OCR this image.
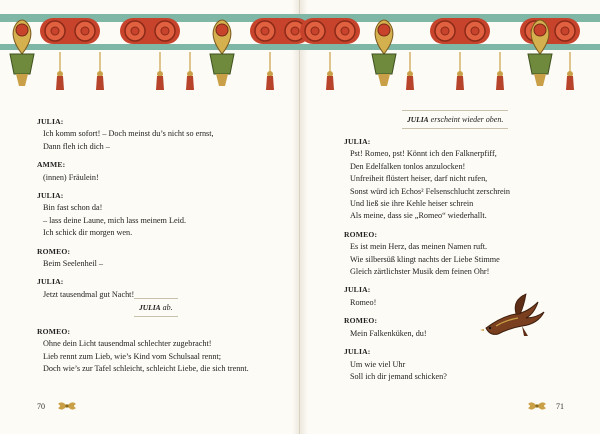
JULIA:
Ich komm sofort! – Doch meinst du’s nicht so ernst,
Dann fleh ich dich –
AMME:
(innen) Fräulein!
JULIA:
Bin fast schon da!
– lass deine Laune, mich lass meinem Leid.
Ich schick dir morgen wen.
ROMEO:
Beim Seelenheil –
JULIA:
Jetzt tausendmal gut Nacht!
JULIA ab.
ROMEO:
Ohne dein Licht tausendmal schlechter zugebracht!
Lieb rennt zum Lieb, wie’s Kind vom Schulsaal rennt;
Doch wie’s zur Tafel schleicht, schleicht Liebe, die sich trennt.
JULIA erscheint wieder oben.
JULIA:
Pst! Romeo, pst! Könnt ich den Falknerpfiff,
Den Edelfalken tonlos anzulocken!
Unfreiheit flüstert heiser, darf nicht rufen,
Sonst würd ich Echos² Felsenschlucht zerschrein
Und ließ sie ihre Kehle heiser schrein
Als meine, dass sie „Romeo“ wiederhallt.
ROMEO:
Es ist mein Herz, das meinen Namen ruft.
Wie silbersüß klingt nachts der Liebe Stimme
Gleich zärtlichster Musik dem feinen Ohr!
JULIA:
Romeo!
ROMEO:
Mein Falkenküken, du!
JULIA:
Um wie viel Uhr
Soll ich dir jemand schicken?
70	71
